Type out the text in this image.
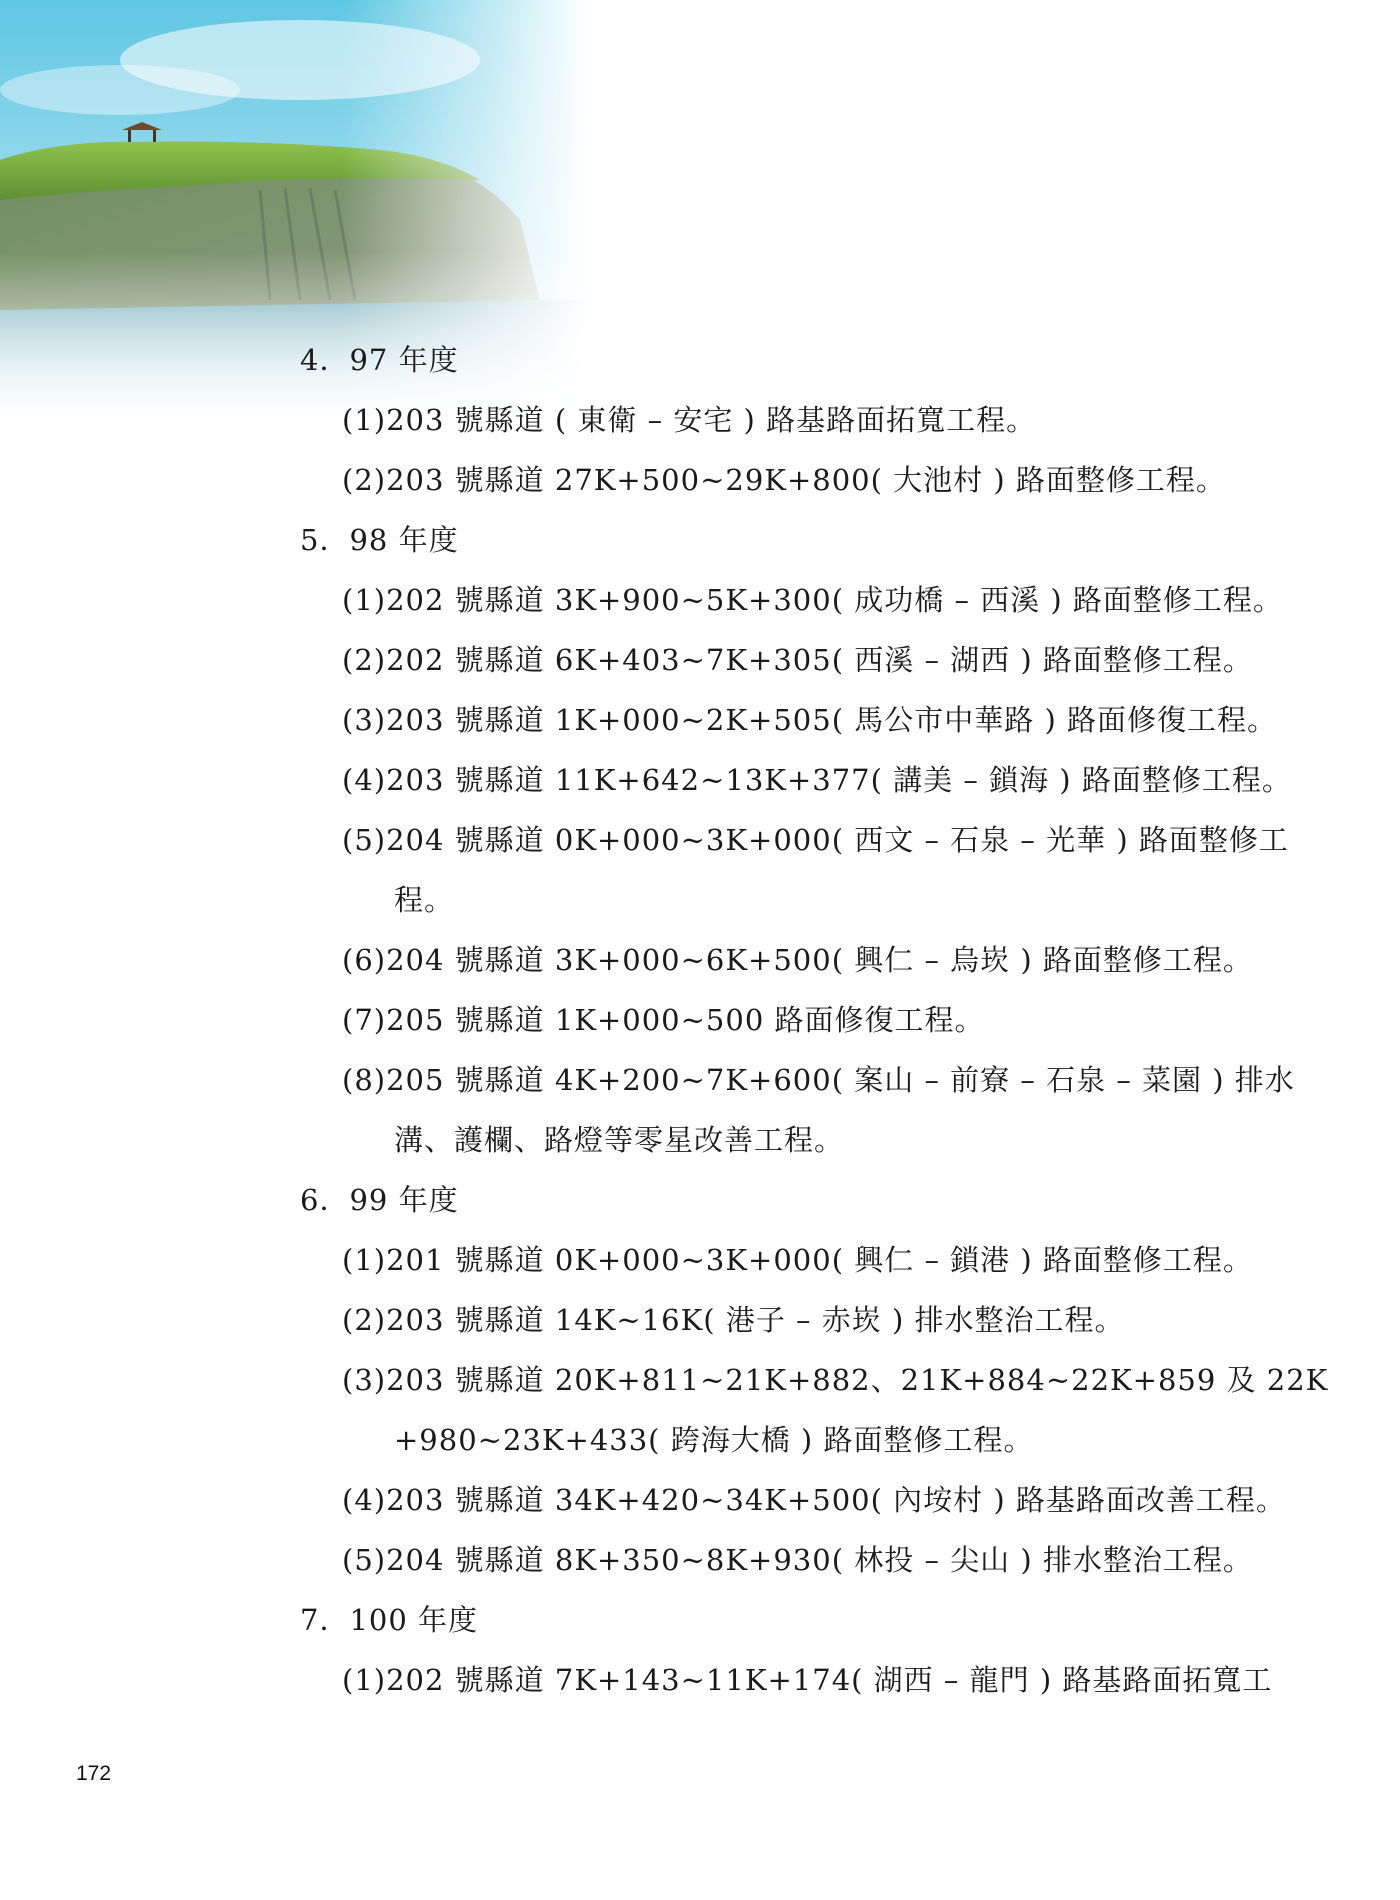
4．97 年度
(1)203 號縣道 ( 東衛 – 安宅 ) 路基路面拓寬工程。
(2)203 號縣道 27K+500~29K+800( 大池村 ) 路面整修工程。
5．98 年度
(1)202 號縣道 3K+900~5K+300( 成功橋 – 西溪 ) 路面整修工程。
(2)202 號縣道 6K+403~7K+305( 西溪 – 湖西 ) 路面整修工程。
(3)203 號縣道 1K+000~2K+505( 馬公市中華路 ) 路面修復工程。
(4)203 號縣道 11K+642~13K+377( 講美 – 鎖海 ) 路面整修工程。
(5)204 號縣道 0K+000~3K+000( 西文 – 石泉 – 光華 ) 路面整修工
程。
(6)204 號縣道 3K+000~6K+500( 興仁 – 烏崁 ) 路面整修工程。
(7)205 號縣道 1K+000~500 路面修復工程。
(8)205 號縣道 4K+200~7K+600( 案山 – 前寮 – 石泉 – 菜園 ) 排水
溝、護欄、路燈等零星改善工程。
6．99 年度
(1)201 號縣道 0K+000~3K+000( 興仁 – 鎖港 ) 路面整修工程。
(2)203 號縣道 14K~16K( 港子 – 赤崁 ) 排水整治工程。
(3)203 號縣道 20K+811~21K+882、21K+884~22K+859 及 22K
+980~23K+433( 跨海大橋 ) 路面整修工程。
(4)203 號縣道 34K+420~34K+500( 內垵村 ) 路基路面改善工程。
(5)204 號縣道 8K+350~8K+930( 林投 – 尖山 ) 排水整治工程。
7．100 年度
(1)202 號縣道 7K+143~11K+174( 湖西 – 龍門 ) 路基路面拓寬工
172
